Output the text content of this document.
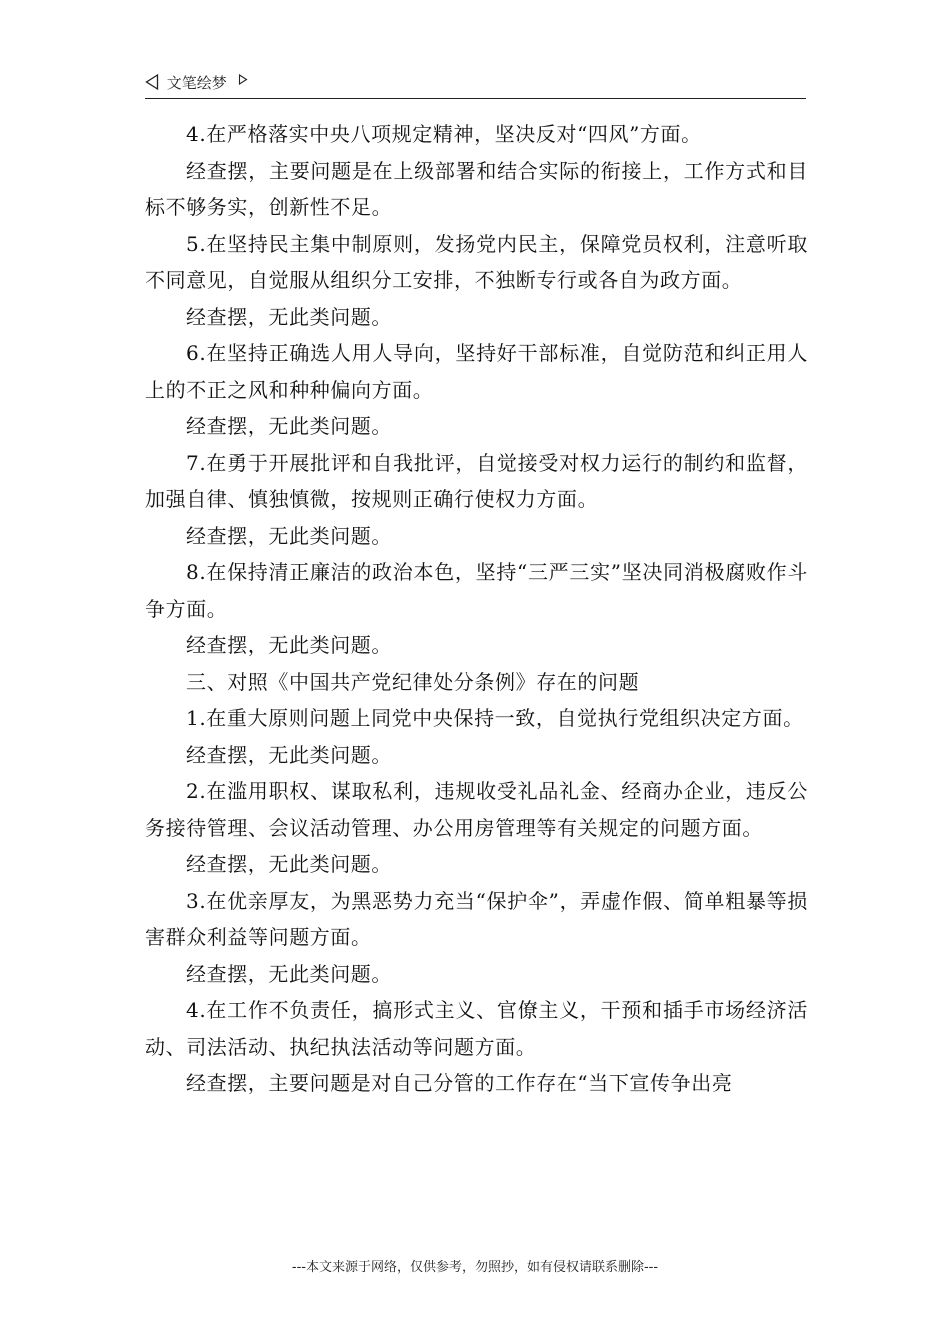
文笔绘梦

4.在严格落实中央八项规定精神，坚决反对“四风”方面。

经查摆，主要问题是在上级部署和结合实际的衔接上，工作方式和目标不够务实，创新性不足。

5.在坚持民主集中制原则，发扬党内民主，保障党员权利，注意听取不同意见，自觉服从组织分工安排，不独断专行或各自为政方面。

经查摆，无此类问题。

6.在坚持正确选人用人导向，坚持好干部标准，自觉防范和纠正用人上的不正之风和种种偏向方面。

经查摆，无此类问题。

7.在勇于开展批评和自我批评，自觉接受对权力运行的制约和监督，加强自律、慎独慎微，按规则正确行使权力方面。

经查摆，无此类问题。

8.在保持清正廉洁的政治本色，坚持“三严三实”坚决同消极腐败作斗争方面。

经查摆，无此类问题。

三、对照《中国共产党纪律处分条例》存在的问题

1.在重大原则问题上同党中央保持一致，自觉执行党组织决定方面。

经查摆，无此类问题。

2.在滥用职权、谋取私利，违规收受礼品礼金、经商办企业，违反公务接待管理、会议活动管理、办公用房管理等有关规定的问题方面。

经查摆，无此类问题。

3.在优亲厚友，为黑恶势力充当“保护伞”，弄虚作假、简单粗暴等损害群众利益等问题方面。

经查摆，无此类问题。

4.在工作不负责任，搞形式主义、官僚主义，干预和插手市场经济活动、司法活动、执纪执法活动等问题方面。

经查摆，主要问题是对自己分管的工作存在“当下宣传争出亮

---本文来源于网络，仅供参考，勿照抄，如有侵权请联系删除---
